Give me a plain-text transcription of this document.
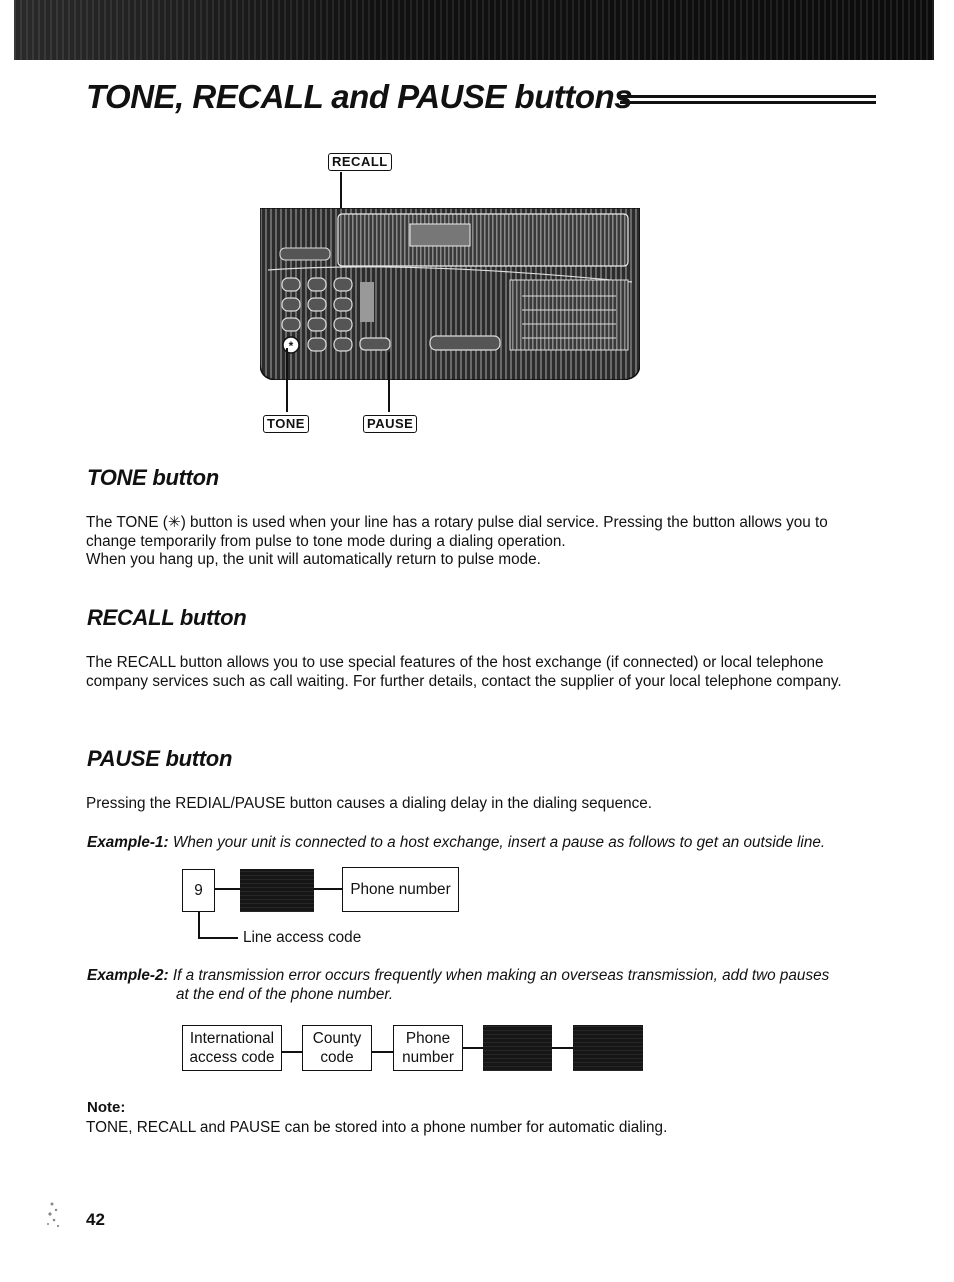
TONE, RECALL and PAUSE buttons
RECALL
*
TONE	PAUSE
TONE button

The TONE (✳) button is used when your line has a rotary pulse dial service. Pressing the button allows you to change temporarily from pulse to tone mode during a dialing operation.

When you hang up, the unit will automatically return to pulse mode.

RECALL button

The RECALL button allows you to use special features of the host exchange (if connected) or local telephone company services such as call waiting. For further details, contact the supplier of your local telephone company.

PAUSE button

Pressing the REDIAL/PAUSE button causes a dialing delay in the dialing sequence.

Example-1: When your unit is connected to a host exchange, insert a pause as follows to get an outside line.

9	Phone number

Line access code

Example-2: If a transmission error occurs frequently when making an overseas transmission, add two pauses

at the end of the phone number.

International
access code
County
code
Phone
number

Note:

TONE, RECALL and PAUSE can be stored into a phone number for automatic dialing.

42
